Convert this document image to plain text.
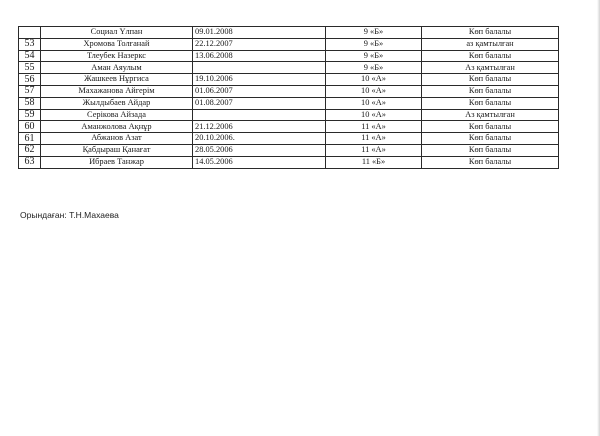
	Социал Үлпан	09.01.2008	9 «Б»	Көп балалы
53	Хромова Толғанай	22.12.2007	9 «Б»	аз қамтылған
54	Тлеубек Назеркс	13.06.2008	9 «Б»	Көп балалы
55	Аман Аяулым		9 «Б»	Аз қамтылған
56	Жашкеев Нұргиса	19.10.2006	10 «А»	Көп балалы
57	Махажанова Айгерім	01.06.2007	10 «А»	Көп балалы
58	Жылдыбаев Айдар	01.08.2007	10 «А»	Көп балалы
59	Серікова Айзада		10 «А»	Аз қамтылған
60	Аманжолова Ақнұр	21.12.2006	11 «А»	Көп балалы
61	Абжанов Азат	20.10.2006.	11 «А»	Көп балалы
62	Қабдыраш Қанағат	28.05.2006	11 «А»	Көп балалы
63	Ибраев Танжар	14.05.2006	11 «Б»	Көп балалы
Орындаған: Т.Н.Махаева
